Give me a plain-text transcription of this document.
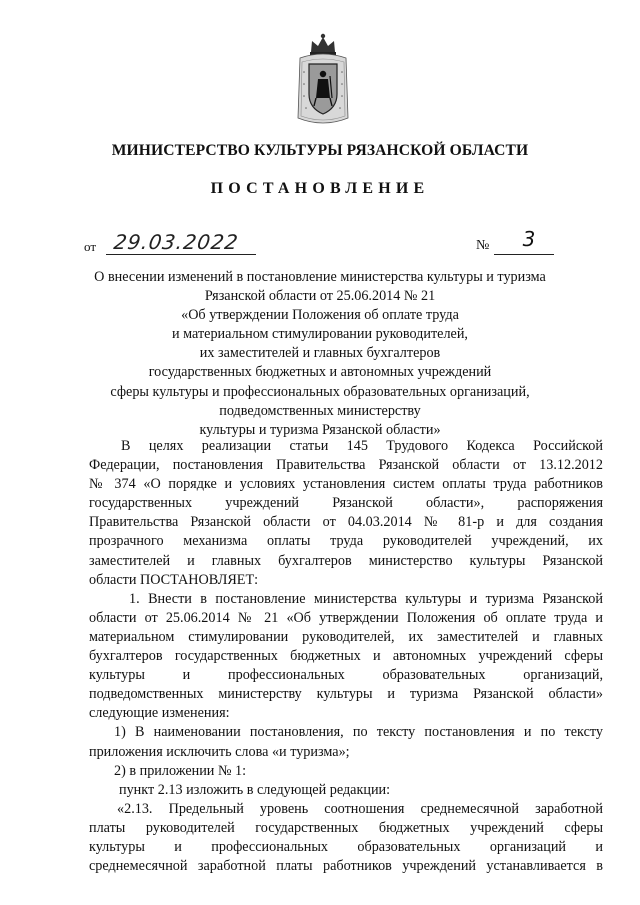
МИНИСТЕРСТВО КУЛЬТУРЫ РЯЗАНСКОЙ ОБЛАСТИ
ПОСТАНОВЛЕНИЕ
от 29.03.2022	№	3
О внесении изменений в постановление министерства культуры и туризма
Рязанской области от 25.06.2014 № 21
«Об утверждении Положения об оплате труда
и материальном стимулировании руководителей,
их заместителей и главных бухгалтеров
государственных бюджетных и автономных учреждений
сферы культуры и профессиональных образовательных организаций,
подведомственных министерству
культуры и туризма Рязанской области»
В целях реализации статьи 145 Трудового Кодекса Российской
Федерации, постановления Правительства Рязанской области от 13.12.2012
№ 374 «О порядке и условиях установления систем оплаты труда работников
государственных учреждений Рязанской области», распоряжения
Правительства Рязанской области от 04.03.2014 № 81-р и для создания
прозрачного механизма оплаты труда руководителей учреждений, их
заместителей и главных бухгалтеров министерство культуры Рязанской
области ПОСТАНОВЛЯЕТ:
1. Внести в постановление министерства культуры и туризма Рязанской
области от 25.06.2014 № 21 «Об утверждении Положения об оплате труда и
материальном стимулировании руководителей, их заместителей и главных
бухгалтеров государственных бюджетных и автономных учреждений сферы
культуры и профессиональных образовательных организаций,
подведомственных министерству культуры и туризма Рязанской области»
следующие изменения:
1) В наименовании постановления, по тексту постановления и по тексту
приложения исключить слова «и туризма»;
2) в приложении № 1:
пункт 2.13 изложить в следующей редакции:
«2.13. Предельный уровень соотношения среднемесячной заработной
платы руководителей государственных бюджетных учреждений сферы
культуры и профессиональных образовательных организаций и
среднемесячной заработной платы работников учреждений устанавливается в
